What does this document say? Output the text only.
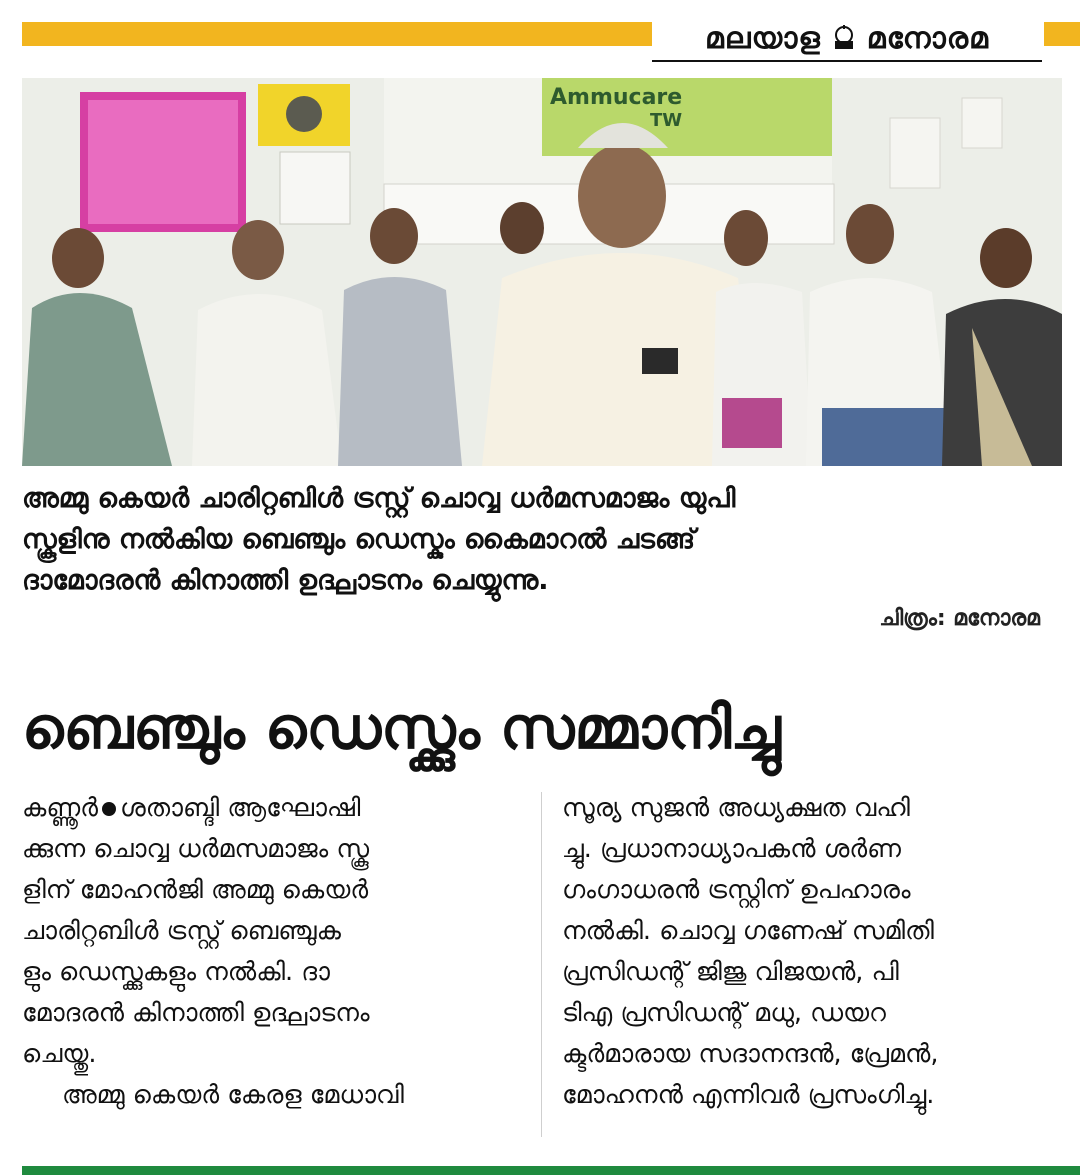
മലയാള മനോരമ
Ammucare
TW
അമ്മു കെയർ ചാരിറ്റബിൾ ട്രസ്റ്റ് ചൊവ്വ ധർമസമാജം യുപി
സ്കൂളിനു നൽകിയ ബെഞ്ചും ഡെസ്കും കൈമാറൽ ചടങ്ങ്
ദാമോദരൻ കിനാത്തി ഉദ്ഘാടനം ചെയ്യുന്നു.
ചിത്രം: മനോരമ
ബെഞ്ചും ഡെസ്ക്കും സമ്മാനിച്ചു
കണ്ണൂർ ശതാബ്ദി ആഘോഷി
ക്കുന്ന ചൊവ്വ ധർമസമാജം സ്കൂ
ളിന് മോഹൻജി അമ്മു കെയർ
ചാരിറ്റബിൾ ട്രസ്റ്റ് ബെഞ്ചുക
ളും ഡെസ്ക്കുകളും നൽകി. ദാ
മോദരൻ കിനാത്തി ഉദ്ഘാടനം
ചെയ്തു.
അമ്മു കെയർ കേരള മേധാവി
സൂര്യ സുജൻ അധ്യക്ഷത വഹി
ച്ചു. പ്രധാനാധ്യാപകൻ ശർണ
ഗംഗാധരൻ ട്രസ്റ്റിന് ഉപഹാരം
നൽകി. ചൊവ്വ ഗണേഷ് സമിതി
പ്രസിഡന്റ് ജിജു വിജയൻ, പി
ടിഎ പ്രസിഡന്റ് മധു, ഡയറ
ക്ടർമാരായ സദാനന്ദൻ, പ്രേമൻ,
മോഹനൻ എന്നിവർ പ്രസംഗിച്ചു.
